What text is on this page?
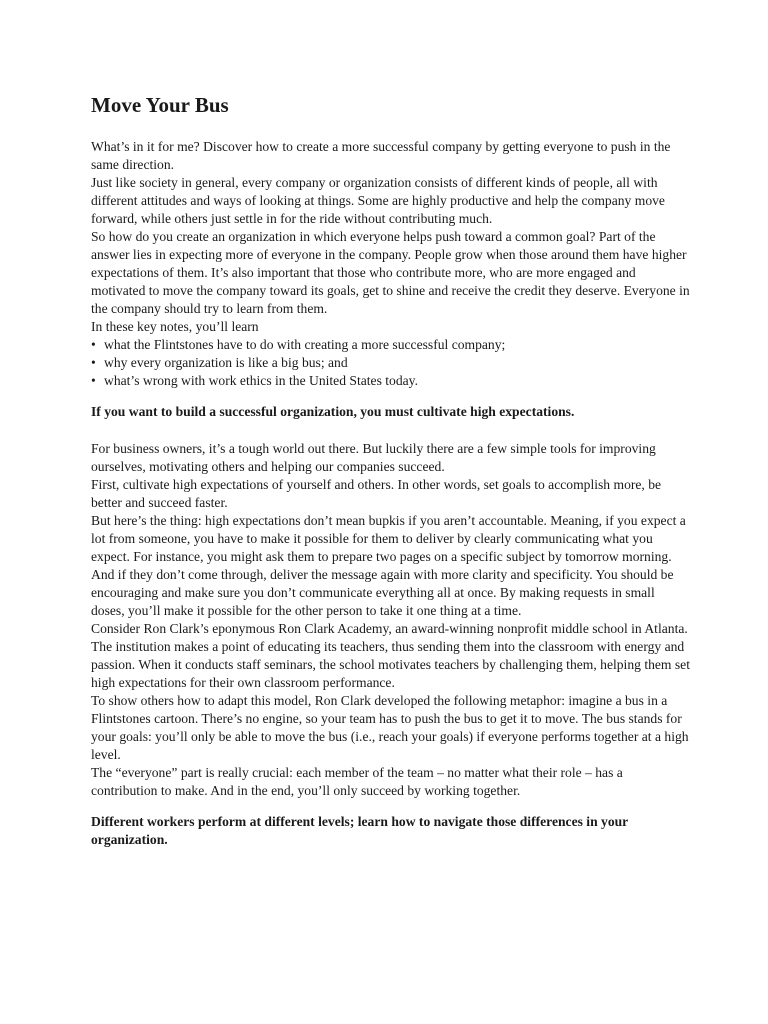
Move Your Bus

What’s in it for me? Discover how to create a more successful company by getting everyone to push in the same direction.

Just like society in general, every company or organization consists of different kinds of people, all with different attitudes and ways of looking at things. Some are highly productive and help the company move forward, while others just settle in for the ride without contributing much.

So how do you create an organization in which everyone helps push toward a common goal? Part of the answer lies in expecting more of everyone in the company. People grow when those around them have higher expectations of them. It’s also important that those who contribute more, who are more engaged and motivated to move the company toward its goals, get to shine and receive the credit they deserve. Everyone in the company should try to learn from them.

In these key notes, you’ll learn

• what the Flintstones have to do with creating a more successful company;
• why every organization is like a big bus; and
• what’s wrong with work ethics in the United States today.

If you want to build a successful organization, you must cultivate high expectations.

For business owners, it’s a tough world out there. But luckily there are a few simple tools for improving ourselves, motivating others and helping our companies succeed.

First, cultivate high expectations of yourself and others. In other words, set goals to accomplish more, be better and succeed faster.

But here’s the thing: high expectations don’t mean bupkis if you aren’t accountable. Meaning, if you expect a lot from someone, you have to make it possible for them to deliver by clearly communicating what you expect. For instance, you might ask them to prepare two pages on a specific subject by tomorrow morning.

And if they don’t come through, deliver the message again with more clarity and specificity. You should be encouraging and make sure you don’t communicate everything all at once. By making requests in small doses, you’ll make it possible for the other person to take it one thing at a time.

Consider Ron Clark’s eponymous Ron Clark Academy, an award-winning nonprofit middle school in Atlanta. The institution makes a point of educating its teachers, thus sending them into the classroom with energy and passion. When it conducts staff seminars, the school motivates teachers by challenging them, helping them set high expectations for their own classroom performance.

To show others how to adapt this model, Ron Clark developed the following metaphor: imagine a bus in a Flintstones cartoon. There’s no engine, so your team has to push the bus to get it to move. The bus stands for your goals: you’ll only be able to move the bus (i.e., reach your goals) if everyone performs together at a high level.

The “everyone” part is really crucial: each member of the team – no matter what their role – has a contribution to make. And in the end, you’ll only succeed by working together.

Different workers perform at different levels; learn how to navigate those differences in your organization.
